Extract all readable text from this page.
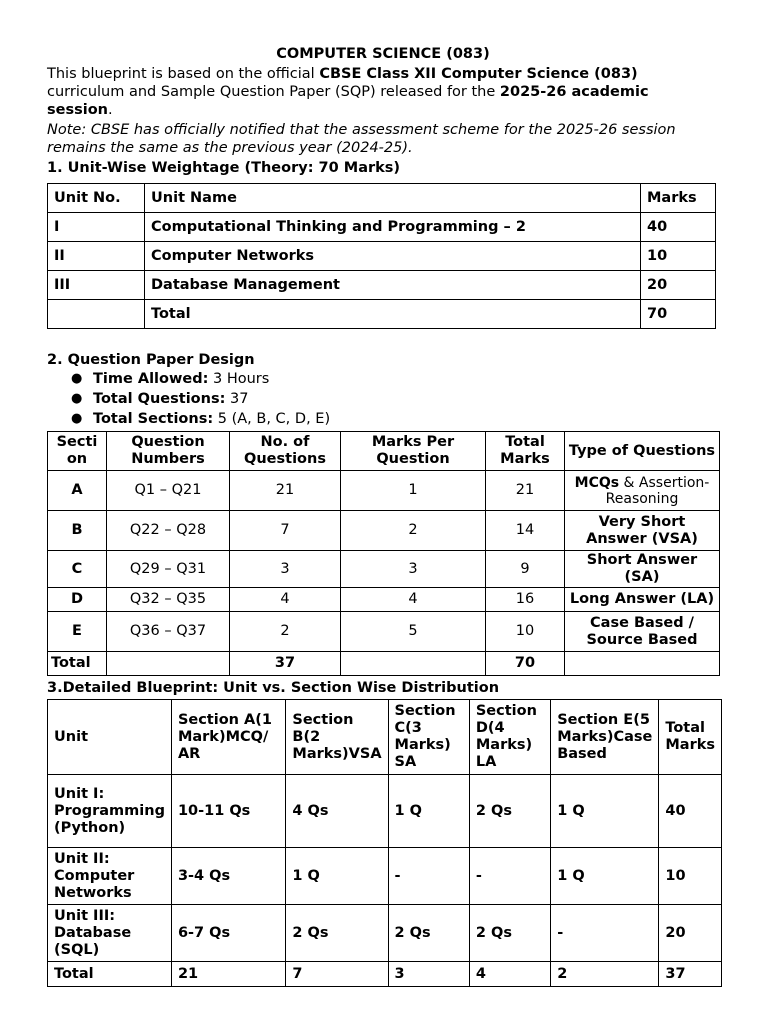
COMPUTER SCIENCE (083)
This blueprint is based on the official CBSE Class XII Computer Science (083) curriculum and Sample Question Paper (SQP) released for the 2025-26 academic session.
Note: CBSE has officially notified that the assessment scheme for the 2025-26 session remains the same as the previous year (2024-25).
1. Unit-Wise Weightage (Theory: 70 Marks)
Unit No.	Unit Name	Marks
I	Computational Thinking and Programming – 2	40
II	Computer Networks	10
III	Database Management	20
	Total	70
2. Question Paper Design
● Time Allowed: 3 Hours
● Total Questions: 37
● Total Sections: 5 (A, B, C, D, E)
Secti on	Question Numbers	No. of Questions	Marks Per Question	Total Marks	Type of Questions
A	Q1 – Q21	21	1	21	MCQs & Assertion-Reasoning
B	Q22 – Q28	7	2	14	Very Short Answer (VSA)
C	Q29 – Q31	3	3	9	Short Answer (SA)
D	Q32 – Q35	4	4	16	Long Answer (LA)
E	Q36 – Q37	2	5	10	Case Based / Source Based
Total		37		70	
3.Detailed Blueprint: Unit vs. Section Wise Distribution
Unit	Section A(1 Mark)MCQ/ AR	Section B(2 Marks)VSA	Section C(3 Marks) SA	Section D(4 Marks) LA	Section E(5 Marks)Case Based	Total Marks
Unit I: Programming (Python)	10-11 Qs	4 Qs	1 Q	2 Qs	1 Q	40
Unit II: Computer Networks	3-4 Qs	1 Q	-	-	1 Q	10
Unit III: Database (SQL)	6-7 Qs	2 Qs	2 Qs	2 Qs	-	20
Total	21	7	3	4	2	37
